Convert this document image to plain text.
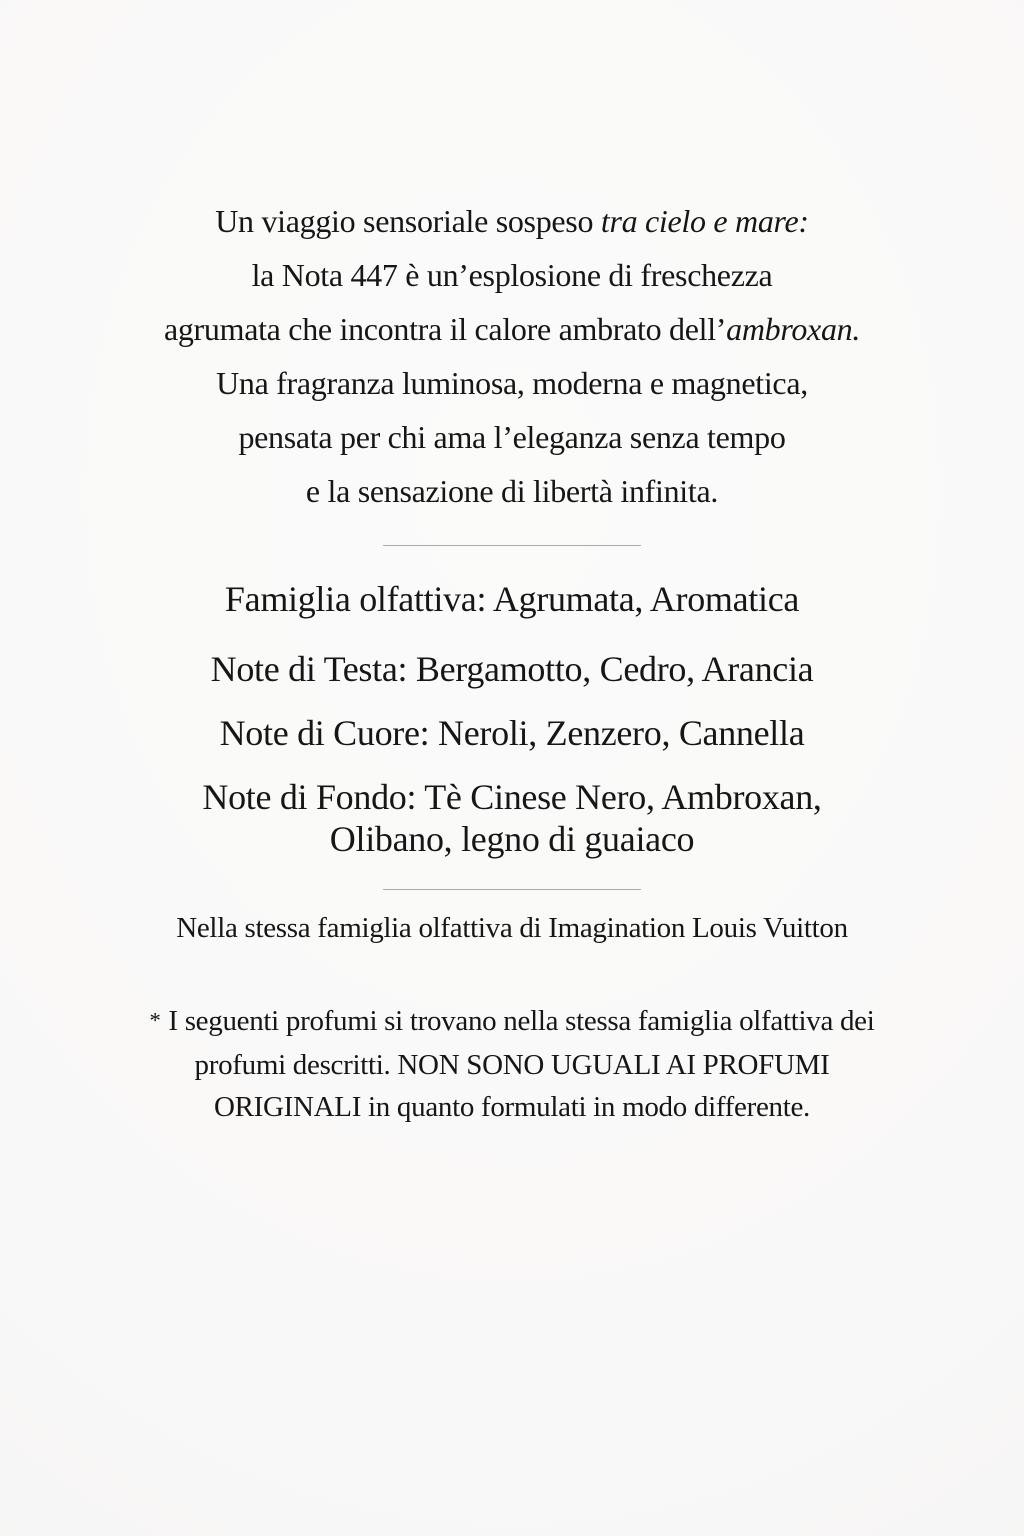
Un viaggio sensoriale sospeso tra cielo e mare:
la Nota 447 è un’esplosione di freschezza
agrumata che incontra il calore ambrato dell’ambroxan.
Una fragranza luminosa, moderna e magnetica,
pensata per chi ama l’eleganza senza tempo
e la sensazione di libertà infinita.
Famiglia olfattiva: Agrumata, Aromatica
Note di Testa: Bergamotto, Cedro, Arancia
Note di Cuore: Neroli, Zenzero, Cannella
Note di Fondo: Tè Cinese Nero, Ambroxan,
Olibano, legno di guaiaco
Nella stessa famiglia olfattiva di Imagination Louis Vuitton
* I seguenti profumi si trovano nella stessa famiglia olfattiva dei
profumi descritti. NON SONO UGUALI AI PROFUMI
ORIGINALI in quanto formulati in modo differente.
